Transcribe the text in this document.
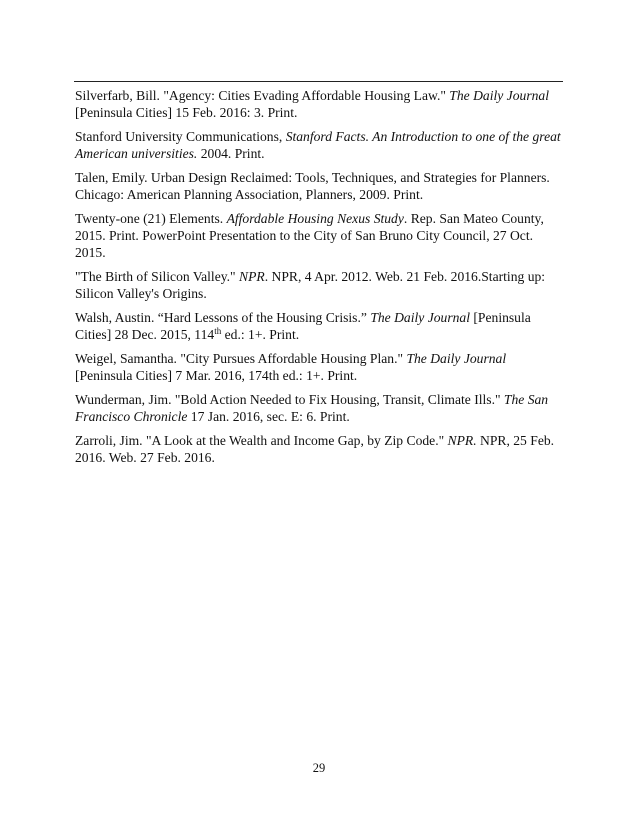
Silverfarb, Bill. "Agency: Cities Evading Affordable Housing Law." The Daily Journal [Peninsula Cities] 15 Feb. 2016: 3. Print.
Stanford University Communications, Stanford Facts. An Introduction to one of the great American universities. 2004. Print.
Talen, Emily. Urban Design Reclaimed: Tools, Techniques, and Strategies for Planners. Chicago: American Planning Association, Planners, 2009. Print.
Twenty-one (21) Elements. Affordable Housing Nexus Study. Rep. San Mateo County, 2015. Print. PowerPoint Presentation to the City of San Bruno City Council, 27 Oct. 2015.
"The Birth of Silicon Valley." NPR. NPR, 4 Apr. 2012. Web. 21 Feb. 2016.Starting up: Silicon Valley's Origins.
Walsh, Austin. “Hard Lessons of the Housing Crisis.” The Daily Journal [Peninsula Cities] 28 Dec. 2015, 114th ed.: 1+. Print.
Weigel, Samantha. "City Pursues Affordable Housing Plan." The Daily Journal [Peninsula Cities] 7 Mar. 2016, 174th ed.: 1+. Print.
Wunderman, Jim. "Bold Action Needed to Fix Housing, Transit, Climate Ills." The San Francisco Chronicle 17 Jan. 2016, sec. E: 6. Print.
Zarroli, Jim. "A Look at the Wealth and Income Gap, by Zip Code." NPR. NPR, 25 Feb. 2016. Web. 27 Feb. 2016.
29
